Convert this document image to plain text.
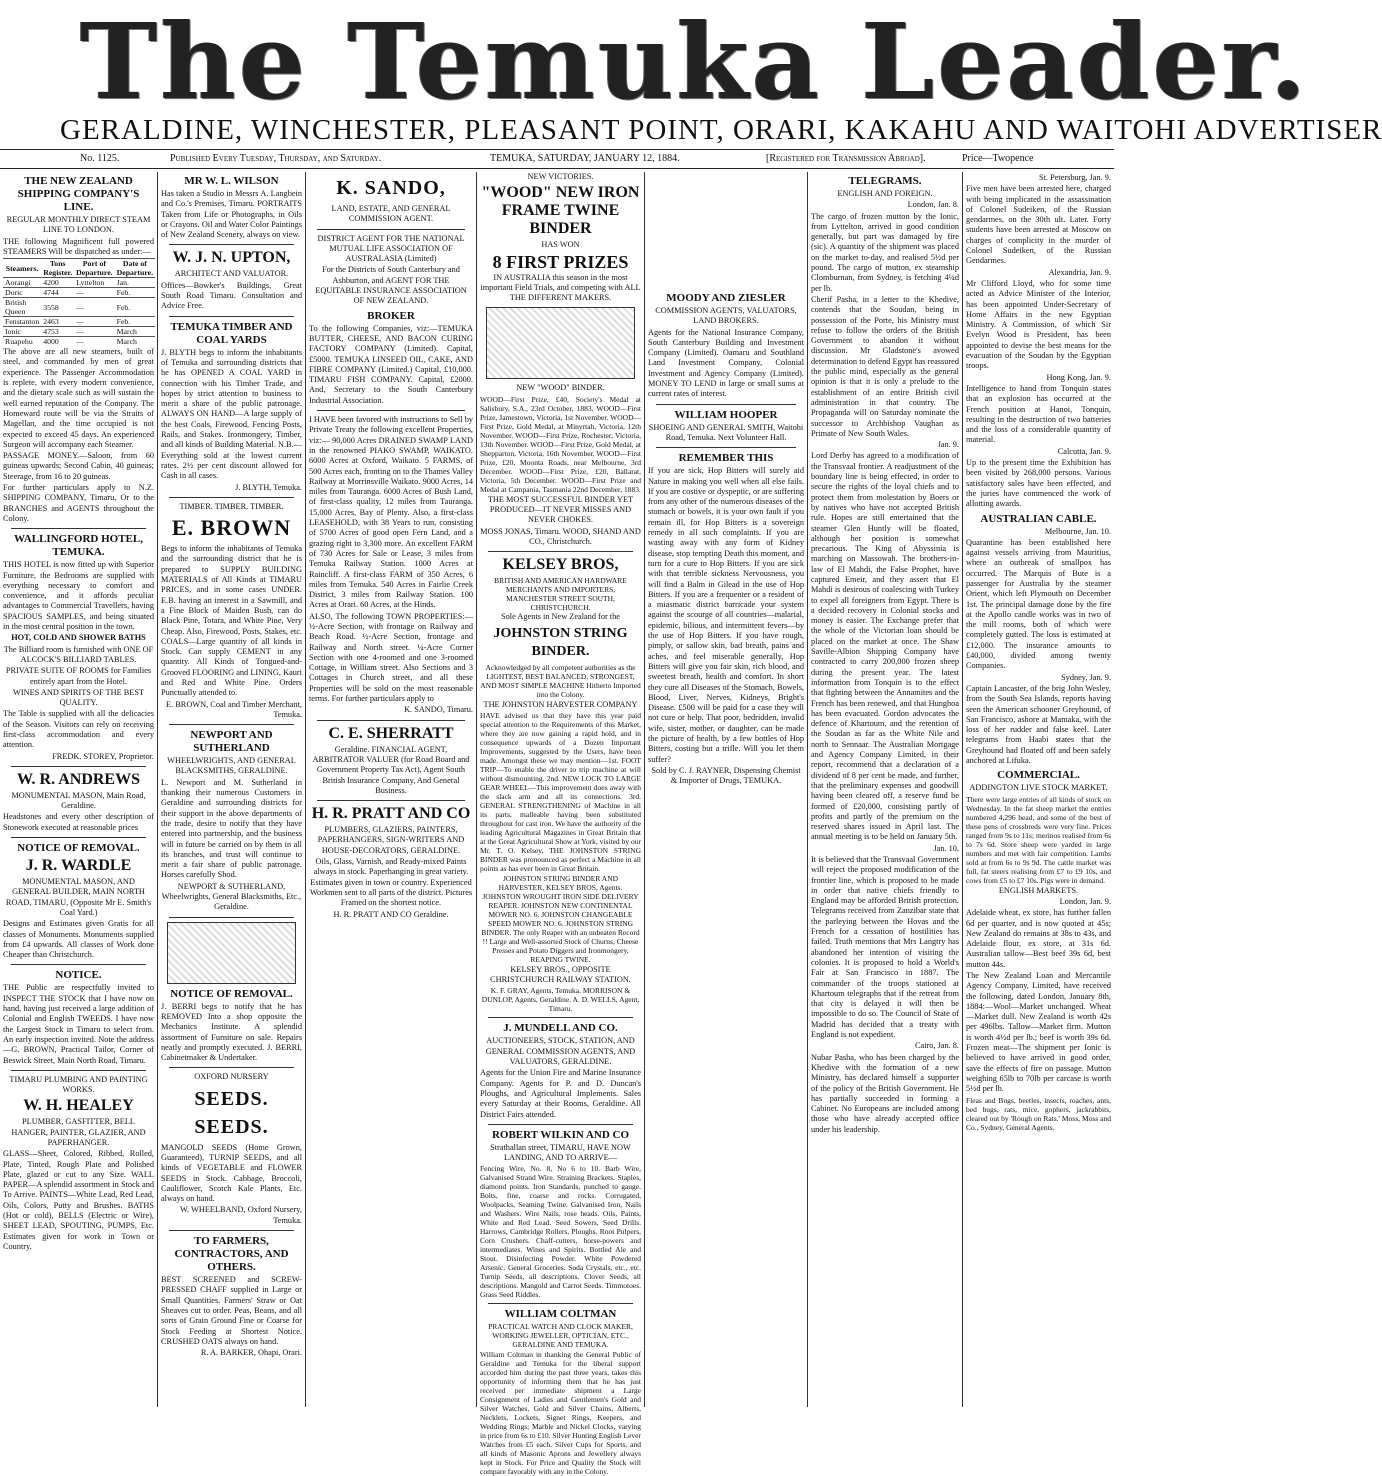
The Temuka Leader.
GERALDINE, WINCHESTER, PLEASANT POINT, ORARI, KAKAHU AND WAITOHI ADVERTISER
No. 1125.	Published Every Tuesday, Thursday, and Saturday.	TEMUKA, SATURDAY, JANUARY 12, 1884.	[Registered for Transmission Abroad].	Price—Twopence
THE NEW ZEALAND SHIPPING COMPANY'S LINE.
REGULAR MONTHLY DIRECT STEAM LINE TO LONDON.

THE following Magnificent full powered STEAMERS Will be dispatched as under:—

Steamers.	Tons Register.	Port of Departure.	Date of Departure.
Aorangi	4200	Lyttelton	Jan.
Doric	4744	—	Feb.
British Queen	3558	—	Feb.
Fenstanton	2463	—	Feb.
Ionic	4753	—	March
Ruapehu	4000	—	March

The above are all new steamers, built of steel, and commanded by men of great experience. The Passenger Accommodation is replete, with every modern convenience, and the dietary scale such as will sustain the well earned reputation of the Company. The Homeward route will be via the Straits of Magellan, and the time occupied is not expected to exceed 45 days. An experienced Surgeon will accompany each Steamer.

PASSAGE MONEY.—Saloon, from 60 guineas upwards; Second Cabin, 40 guineas; Steerage, from 16 to 20 guineas.

For further particulars apply to N.Z. SHIPPING COMPANY, Timaru, Or to the BRANCHES and AGENTS throughout the Colony.

WALLINGFORD HOTEL, TEMUKA.

THIS HOTEL is now fitted up with Superior Furniture, the Bedrooms are supplied with everything necessary to comfort and convenience, and it affords peculiar advantages to Commercial Travellers, having SPACIOUS SAMPLES, and being situated in the most central position in the town.

HOT, COLD AND SHOWER BATHS

The Billiard room is furnished with ONE OF ALCOCK'S BILLIARD TABLES.

PRIVATE SUITE OF ROOMS for Families entirely apart from the Hotel.

WINES AND SPIRITS OF THE BEST QUALITY.

The Table is supplied with all the delicacies of the Season. Visitors can rely on receiving first-class accommodation and every attention.

FREDK. STOREY, Proprietor.

W. R. ANDREWS
MONUMENTAL MASON, Main Road, Geraldine.

Headstones and every other description of Stonework executed at reasonable prices

NOTICE OF REMOVAL.
J. R. WARDLE
MONUMENTAL MASON, AND GENERAL BUILDER, MAIN NORTH ROAD, TIMARU, (Opposite Mr E. Smith's Coal Yard.)

Designs and Estimates given Gratis for all classes of Monuments. Monuments supplied from £4 upwards. All classes of Work done Cheaper than Christchurch.

NOTICE.

THE Public are respectfully invited to INSPECT THE STOCK that I have now on hand, having just received a large addition of Colonial and English TWEEDS. I have now the Largest Stock in Timaru to select from. An early inspection invited. Note the address—G. BROWN, Practical Tailor, Corner of Beswick Street, Main North Road, Timaru.

TIMARU PLUMBING AND PAINTING WORKS.
W. H. HEALEY
PLUMBER, GASFITTER, BELL HANGER, PAINTER, GLAZIER, AND PAPERHANGER.

GLASS—Sheet, Colored, Ribbed, Rolled, Plate, Tinted, Rough Plate and Polished Plate, glazed or cut to any Size. WALL PAPER—A splendid assortment in Stock and To Arrive. PAINTS—White Lead, Red Lead, Oils, Colors, Putty and Brushes. BATHS (Hot or cold), BELLS (Electric or Wire), SHEET LEAD, SPOUTING, PUMPS, Etc. Estimates given for work in Town or Country.

MR W. L. WILSON

Has taken a Studio in Messrs A. Langbein and Co.'s Premises, Timaru. PORTRAITS Taken from Life or Photographs, in Oils or Crayons. Oil and Water Color Paintings of New Zealand Scenery, always on view.

W. J. N. UPTON,
ARCHITECT AND VALUATOR.

Offices—Bowker's Buildings, Great South Road Timaru. Consultation and Advice Free.

TEMUKA TIMBER AND COAL YARDS

J. BLYTH begs to inform the inhabitants of Temuka and surrounding districts that he has OPENED A COAL YARD in connection with his Timber Trade, and hopes by strict attention to business to merit a share of the public patronage. ALWAYS ON HAND—A large supply of the best Coals, Firewood, Fencing Posts, Rails, and Stakes. Ironmongery, Timber, and all kinds of Building Material. N.B.—Everything sold at the lowest current rates. 2½ per cent discount allowed for Cash in all cases.

J. BLYTH, Temuka.

TIMBER. TIMBER. TIMBER.
E. BROWN

Begs to inform the inhabitants of Temuka and the surrounding district that he is prepared to SUPPLY BUILDING MATERIALS of All Kinds at TIMARU PRICES, and in some cases UNDER. E.B. having an interest in a Sawmill, and a Fine Block of Maiden Bush, can do Black Pine, Totara, and White Pine, Very Cheap. Also, Firewood, Posts, Stakes, etc. COALS—Large quantity of all kinds in Stock. Can supply CEMENT in any quantity. All Kinds of Tongued-and-Grooved FLOORING and LINING, Kauri and Red and White Pine. Orders Punctually attended to.

E. BROWN, Coal and Timber Merchant, Temuka.

NEWPORT AND SUTHERLAND
WHEELWRIGHTS, AND GENERAL BLACKSMITHS, GERALDINE.

L. Newport and M. Sutherland in thanking their numerous Customers in Geraldine and surrounding districts for their support in the above departments of the trade, desire to notify that they have entered into partnership, and the business will in future be carried on by them in all its branches, and trust will continue to merit a fair share of public patronage. Horses carefully Shod.

NEWPORT & SUTHERLAND, Wheelwrights, General Blacksmiths, Etc., Geraldine.

NOTICE OF REMOVAL.

J. BERRI begs to notify that he has REMOVED Into a shop opposite the Mechanics Institute. A splendid assortment of Furniture on sale. Repairs neatly and promptly executed. J. BERRI, Cabinetmaker & Undertaker.

OXFORD NURSERY
SEEDS. SEEDS.

MANGOLD SEEDS (Home Grown, Guaranteed), TURNIP SEEDS, and all kinds of VEGETABLE and FLOWER SEEDS in Stock. Cabbage, Broccoli, Cauliflower, Scotch Kale Plants, Etc. always on hand.

W. WHEELBAND, Oxford Nursery, Temuka.

TO FARMERS, CONTRACTORS, AND OTHERS.

BEST SCREENED and SCREW-PRESSED CHAFF supplied in Large or Small Quantities. Farmers' Straw or Oat Sheaves cut to order. Peas, Beans, and all sorts of Grain Ground Fine or Coarse for Stock Feeding at Shortest Notice. CRUSHED OATS always on hand.

R. A. BARKER, Ohapi, Orari.

K. SANDO,
LAND, ESTATE, AND GENERAL COMMISSION AGENT.
DISTRICT AGENT FOR THE NATIONAL MUTUAL LIFE ASSOCIATION OF AUSTRALASIA (Limited)

For the Districts of South Canterbury and Ashburton, and AGENT FOR THE EQUITABLE INSURANCE ASSOCIATION OF NEW ZEALAND.

BROKER

To the following Companies, viz:—TEMUKA BUTTER, CHEESE, AND BACON CURING FACTORY COMPANY (Limited). Capital, £5000. TEMUKA LINSEED OIL, CAKE, AND FIBRE COMPANY (Limited.) Capital, £10,000. TIMARU FISH COMPANY. Capital, £2000. And, Secretary to the South Canterbury Industrial Association.

I HAVE been favored with instructions to Sell by Private Treaty the following excellent Properties, viz:— 90,000 Acres DRAINED SWAMP LAND in the renowned PIAKO SWAMP, WAIKATO. 6000 Acres at Oxford, Waikato. 5 FARMS, of 500 Acres each, fronting on to the Thames Valley Railway at Morrinsville Waikato. 9000 Acres, 14 miles from Tauranga. 6000 Acres of Bush Land, of first-class quality, 12 miles from Tauranga. 15,000 Acres, Bay of Plenty. Also, a first-class LEASEHOLD, with 38 Years to run, consisting of 5700 Acres of good open Fern Land, and a grazing right to 3,300 more. An excellent FARM of 730 Acres for Sale or Lease, 3 miles from Temuka Railway Station. 1000 Acres at Raincliff. A first-class FARM of 350 Acres, 6 miles from Temuka. 540 Acres in Fairlie Creek District, 3 miles from Railway Station. 100 Acres at Orari. 60 Acres, at the Hinds.

ALSO, The following TOWN PROPERTIES:— ½-Acre Section, with frontage on Railway and Beach Road. ½-Acre Section, frontage and Railway and North street. ¼-Acre Corner Section with one 4-roomed and one 3-roomed Cottage, in William street. Also Sections and 3 Cottages in Church street, and all these Properties will be sold on the most reasonable terms. For further particulars apply to

K. SANDO, Timaru.

C. E. SHERRATT

Geraldine. FINANCIAL AGENT, ARBITRATOR VALUER (for Road Board and Government Property Tax Act), Agent South British Insurance Company, And General Business.

H. R. PRATT AND CO
PLUMBERS, GLAZIERS, PAINTERS, PAPERHANGERS, SIGN-WRITERS AND HOUSE-DECORATORS, GERALDINE.

Oils, Glass, Varnish, and Ready-mixed Paints always in stock. Paperhanging in great variety. Estimates given in town or country. Experienced Workmen sent to all parts of the district. Pictures Framed on the shortest notice.

H. R. PRATT AND CO Geraldine.

NEW VICTORIES.
"WOOD" NEW IRON FRAME TWINE BINDER
HAS WON
8 FIRST PRIZES

IN AUSTRALIA this season in the most important Field Trials, and competing with ALL THE DIFFERENT MAKERS.

NEW "WOOD" BINDER.

WOOD—First Prize, £40, Society's Medal at Salisbury, S.A., 23rd October, 1883. WOOD—First Prize, Jamestown, Victoria, 1st November. WOOD—First Prize, Gold Medal, at Minyrtah, Victoria, 12th November. WOOD—First Prize, Rochester, Victoria, 13th November. WOOD—First Prize, Gold Medal, at Shepparton, Victoria, 16th November. WOOD—First Prize, £20, Moonta Roads, near Melbourne, 3rd December. WOOD—First Prize, £20, Ballarat, Victoria, 5th December. WOOD—First Prize and Medal at Campania, Tasmania 22nd December, 1883.

THE MOST SUCCESSFUL BINDER YET PRODUCED—IT NEVER MISSES AND NEVER CHOKES.

MOSS JONAS, Timaru. WOOD, SHAND AND CO., Christchurch.

KELSEY BROS,
BRITISH AND AMERICAN HARDWARE MERCHANTS AND IMPORTERS, MANCHESTER STREET SOUTH, CHRISTCHURCH.
Sole Agents in New Zealand for the
JOHNSTON STRING BINDER.

Acknowledged by all competent authorities as the LIGHTEST, BEST BALANCED, STRONGEST, AND MOST SIMPLE MACHINE Hitherto Imported into the Colony.

THE JOHNSTON HARVESTER COMPANY

HAVE advised us that they have this year paid special attention to the Requirements of this Market, where they are now gaining a rapid hold, and in consequence upwards of a Dozen Important Improvements, suggested by the Users, have been made. Amongst these we may mention—1st. FOOT TRIP—To enable the driver to trip machine at will without dismounting. 2nd. NEW LOCK TO LARGE GEAR WHEEL—This improvement does away with the slack arm and all its connections. 3rd. GENERAL STRENGTHENING of Machine in all its parts, malleable having been substituted throughout for cast iron. We have the authority of the leading Agricultural Magazines in Great Britain that at the Great Agricultural Show at York, visited by our Mr. T. O. Kelsey, THE JOHNSTON STRING BINDER was pronounced as perfect a Machine in all points as has ever been in Great Britain.

JOHNSTON STRING BINDER AND HARVESTER, KELSEY BROS, Agents. JOHNSTON WROUGHT IRON SIDE DELIVERY REAPER. JOHNSTON NEW CONTINENTAL MOWER NO. 6. JOHNSTON CHANGEABLE SPEED MOWER NO. 6. JOHNSTON STRING BINDER. The only Reaper with an unbeaten Record !! Large and Well-assorted Stock of Churns, Cheese Presses and Potato Diggers and Ironmongery, REAPING TWINE.

KELSEY BROS., OPPOSITE CHRISTCHURCH RAILWAY STATION.

K. F. GRAY, Agents, Temuka. MORRISON & DUNLOP, Agents, Geraldine. A. D. WELLS, Agent, Timaru.

J. MUNDELL AND CO.
AUCTIONEERS, STOCK, STATION, AND GENERAL COMMISSION AGENTS, AND VALUATORS, GERALDINE.

Agents for the Union Fire and Marine Insurance Company. Agents for P. and D. Duncan's Ploughs, and Agricultural Implements. Sales every Saturday at their Rooms, Geraldine. All District Fairs attended.

ROBERT WILKIN AND CO
Strathallan street, TIMARU, HAVE NOW LANDING, AND TO ARRIVE—

Fencing Wire, No. 8, No 6 to 10. Barb Wire, Galvanised Strand Wire. Straining Brackets. Staples, diamond points. Iron Standards, punched to gauge. Bolts, fine, coarse and rocks. Corrugated, Woolpacks, Seaming Twine. Galvanised Iron, Nails and Washers. Wire Nails, rose heads. Oils, Paints, White and Red Lead. Seed Sowers, Seed Drills. Harrows, Cambridge Rollers, Ploughs. Root Pulpers, Corn Crushers. Chaff-cutters, horse-powers and intermediates. Wines and Spirits. Bottled Ale and Stout. Disinfecting Powder. White Powdered Arsenic. General Groceries. Soda Crystals, etc., etc. Turnip Seeds, all descriptions. Clover Seeds, all descriptions. Mangold and Carrot Seeds. Timmotoes. Grass Seed Riddles.

WILLIAM COLTMAN
PRACTICAL WATCH AND CLOCK MAKER, WORKING JEWELLER, OPTICIAN, ETC., GERALDINE AND TEMUKA.

William Coltman in thanking the General Public of Geraldine and Temuka for the liberal support accorded him during the past three years, takes this opportunity of informing them that he has just received per immediate shipment a Large Consignment of Ladies and Gentlemen's Gold and Silver Watches, Gold and Silver Chains, Alberts, Necklets, Lockets, Signet Rings, Keepers, and Wedding Rings; Marble and Nickel Clocks, varying in price from 6s to £10. Silver Hunting English Lever Watches from £5 each. Silver Cups for Sports, and all kinds of Masonic Aprons and Jewellery always kept in Stock. For Price and Quality the Stock will compare favorably with any in the Colony.

MOODY AND ZIESLER
COMMISSION AGENTS, VALUATORS, LAND BROKERS.

Agents for the National Insurance Company, South Canterbury Building and Investment Company (Limited). Oamaru and Southland Land Investment Company, Colonial Investment and Agency Company (Limited). MONEY TO LEND in large or small sums at current rates of interest.

WILLIAM HOOPER
SHOEING AND GENERAL SMITH, Waitohi Road, Temuka. Next Volunteer Hall.
REMEMBER THIS

If you are sick, Hop Bitters will surely aid Nature in making you well when all else fails. If you are costive or dyspeptic, or are suffering from any other of the numerous diseases of the stomach or bowels, it is your own fault if you remain ill, for Hop Bitters is a sovereign remedy in all such complaints. If you are wasting away with any form of Kidney disease, stop tempting Death this moment, and turn for a cure to Hop Bitters. If you are sick with that terrible sickness Nervousness, you will find a Balm in Gilead in the use of Hop Bitters. If you are a frequenter or a resident of a miasmatic district barricade your system against the scourge of all countries—malarial, epidemic, bilious, and intermittent fevers—by the use of Hop Bitters. If you have rough, pimply, or sallow skin, bad breath, pains and aches, and feel miserable generally, Hop Bitters will give you fair skin, rich blood, and sweetest breath, health and comfort. In short they cure all Diseases of the Stomach, Bowels, Blood, Liver, Nerves, Kidneys, Bright's Disease. £500 will be paid for a case they will not cure or help. That poor, bedridden, invalid wife, sister, mother, or daughter, can be made the picture of health, by a few bottles of Hop Bitters, costing but a trifle. Will you let them suffer?

Sold by C. J. RAYNER, Dispensing Chemist & Importer of Drugs, TEMUKA.

TELEGRAMS.
ENGLISH AND FOREIGN.

London, Jan. 8.

The cargo of frozen mutton by the Ionic, from Lyttelton, arrived in good condition generally, but part was damaged by fire (sic). A quantity of the shipment was placed on the market to-day, and realised 5½d per pound. The cargo of mutton, ex steamship Clomburnan, from Sydney, is fetching 4¼d per lb.

Cherif Pasha, in a letter to the Khedive, contends that the Soudan, being in possession of the Porte, his Ministry must refuse to follow the orders of the British Government to abandon it without discussion. Mr Gladstone's avowed determination to defend Egypt has reassured the public mind, especially as the general opinion is that it is only a prelude to the establishment of an entire British civil administration in that country. The Propaganda will on Saturday nominate the successor to Archbishop Vaughan as Primate of New South Wales.

Jan. 9.

Lord Derby has agreed to a modification of the Transvaal frontier. A readjustment of the boundary line is being effected, in order to secure the rights of the loyal chiefs and to protect them from molestation by Boers or by natives who have not accepted British rule. Hopes are still entertained that the steamer Glen Huntly will be floated, although her position is somewhat precarious. The King of Abyssinia is marching on Massowah. The brothers-in-law of El Mahdi, the False Prophet, have captured Emeir, and they assert that El Mahdi is desirous of coalescing with Turkey to expel all foreigners from Egypt. There is a decided recovery in Colonial stocks and money is easier. The Exchange prefer that the whole of the Victorian loan should be placed on the market at once. The Shaw Saville-Albion Shipping Company have contracted to carry 200,000 frozen sheep during the present year. The latest information from Tonquin is to the effect that fighting between the Annamites and the French has been renewed, and that Hunghoa has been evacuated. Gordon advocates the defence of Khartoum, and the retention of the Soudan as far as the White Nile and north to Sennaar. The Australian Mortgage and Agency Company Limited, in their report, recommend that a declaration of a dividend of 8 per cent be made, and further, that the preliminary expenses and goodwill having been cleared off, a reserve fund be formed of £20,000, consisting partly of profits and partly of the premium on the reserved shares issued in April last. The annual meeting is to be held on January 5th.

Jan. 10.

It is believed that the Transvaal Government will reject the proposed modification of the frontier line, which is proposed to be made in order that native chiefs friendly to England may be afforded British protection. Telegrams received from Zanzibar state that the parleying between the Hovas and the French for a cessation of hostilities has failed. Truth mentions that Mrs Langtry has abandoned her intention of visiting the colonies. It is proposed to hold a World's Fair at San Francisco in 1887. The commander of the troops stationed at Khartoum telegraphs that if the retreat from that city is delayed it will then be impossible to do so. The Council of State of Madrid has decided that a treaty with England is not expedient.

Cairo, Jan. 8.

Nubar Pasha, who has been charged by the Khedive with the formation of a new Ministry, has declared himself a supporter of the policy of the British Government. He has partially succeeded in forming a Cabinet. No Europeans are included among those who have already accepted office under his leadership.

St. Petersburg, Jan. 9.

Five men have been arrested here, charged with being implicated in the assassination of Colonel Sudeiken, of the Russian gendarmes, on the 30th ult. Later. Forty students have been arrested at Moscow on charges of complicity in the murder of Colonel Sudeiken, of the Russian Gendarmes.

Alexandria, Jan. 9.

Mr Clifford Lloyd, who for some time acted as Advice Minister of the Interior, has been appointed Under-Secretary of Home Affairs in the new Egyptian Ministry. A Commission, of which Sir Evelyn Wood is President, has been appointed to devise the best means for the evacuation of the Soudan by the Egyptian troops.

Hong Kong, Jan. 9.

Intelligence to hand from Tonquin states that an explosion has occurred at the French position at Hanoi, Tonquin, resulting in the destruction of two batteries and the loss of a considerable quantity of material.

Calcutta, Jan. 9.

Up to the present time the Exhibition has been visited by 268,000 persons. Various satisfactory sales have been effected, and the juries have commenced the work of allotting awards.

AUSTRALIAN CABLE.

Melbourne, Jan. 10.

Quarantine has been established here against vessels arriving from Mauritius, where an outbreak of smallpox has occurred. The Marquis of Bute is a passenger for Australia by the steamer Orient, which left Plymouth on December 1st. The principal damage done by the fire at the Apollo candle works was in two of the mill rooms, both of which were completely gutted. The loss is estimated at £12,000. The insurance amounts to £40,000, divided among twenty Companies.

Sydney, Jan. 9.

Captain Lancaster, of the brig John Wesley, from the South Sea Islands, reports having seen the American schooner Greyhound, of San Francisco, ashore at Mamaka, with the loss of her rudder and false keel. Later telegrams from Haabi states that the Greyhound had floated off and been safely anchored at Lifuka.

COMMERCIAL.
ADDINGTON LIVE STOCK MARKET.

There were large entries of all kinds of stock on Wednesday. In the fat sheep market the entries numbered 4,296 head, and some of the best of these pens of crossbreds were very fine. Prices ranged from 9s to 11s; merinos realised from 6s to 7s 6d. Store sheep were yarded in large numbers and met with fair competition. Lambs sold at from 6s to 9s 9d. The cattle market was full, fat steers realising from £7 to £9 10s, and cows from £5 to £7 10s. Pigs were in demand.

ENGLISH MARKETS.

London, Jan. 9.

Adelaide wheat, ex store, has further fallen 6d per quarter, and is now quoted at 45s; New Zealand do remains at 38s to 43s, and Adelaide flour, ex store, at 31s 6d. Australian tallow—Best beef 39s 6d, best mutton 44s.

The New Zealand Loan and Mercantile Agency Company, Limited, have received the following, dated London, January 8th, 1884:—Wool—Market unchanged. Wheat—Market dull. New Zealand is worth 42s per 496lbs. Tallow—Market firm. Mutton is worth 4½d per lb.; beef is worth 39s 6d. Frozen meat—The shipment per Ionic is believed to have arrived in good order, save the effects of fire on passage. Mutton weighing 65lb to 70lb per carcase is worth 5½d per lb.

Fleas and Bugs, beetles, insects, roaches, ants, bed bugs, rats, mice, gophers, jackrabbits, cleared out by 'Rough on Rats.' Moss, Moss and Co., Sydney, General Agents.
